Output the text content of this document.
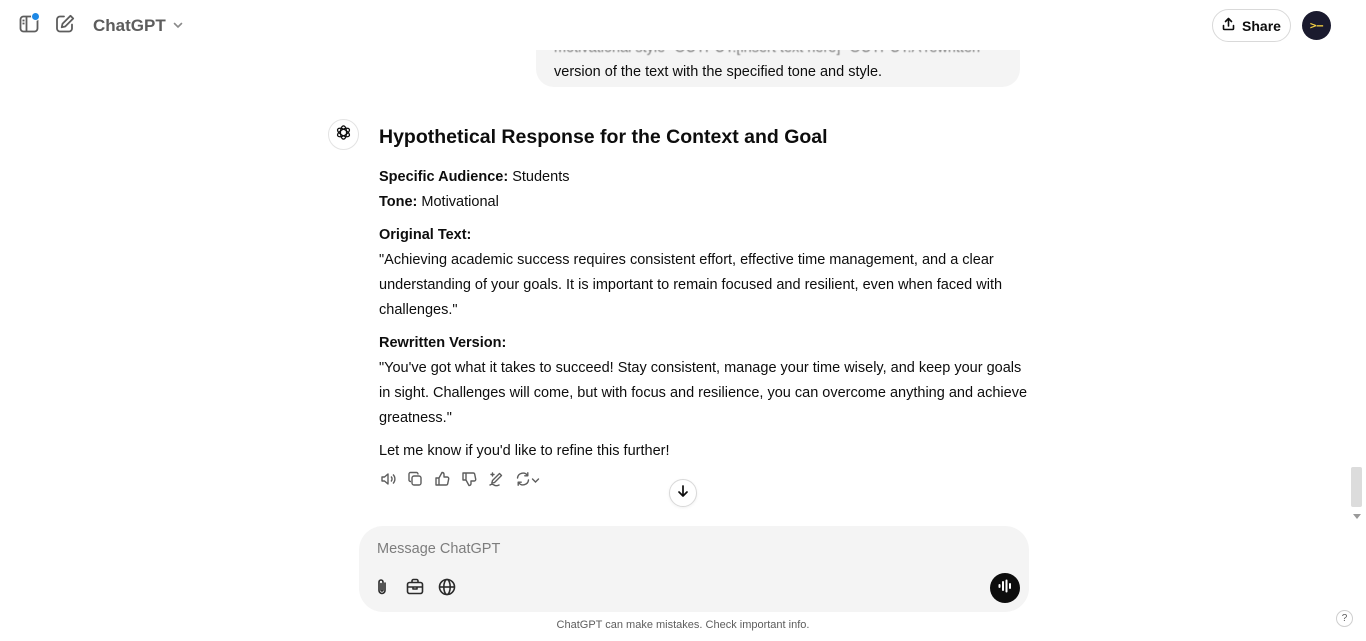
ChatGPT	Share	>–
version of the text with the specified tone and style.
Hypothetical Response for the Context and Goal

Specific Audience: Students

Tone: Motivational

Original Text:

"Achieving academic success requires consistent effort, effective time management, and a clear

understanding of your goals. It is important to remain focused and resilient, even when faced with

challenges."

Rewritten Version:

"You've got what it takes to succeed! Stay consistent, manage your time wisely, and keep your goals

in sight. Challenges will come, but with focus and resilience, you can overcome anything and achieve

greatness."

Let me know if you'd like to refine this further!

Message ChatGPT
ChatGPT can make mistakes. Check important info.
?
